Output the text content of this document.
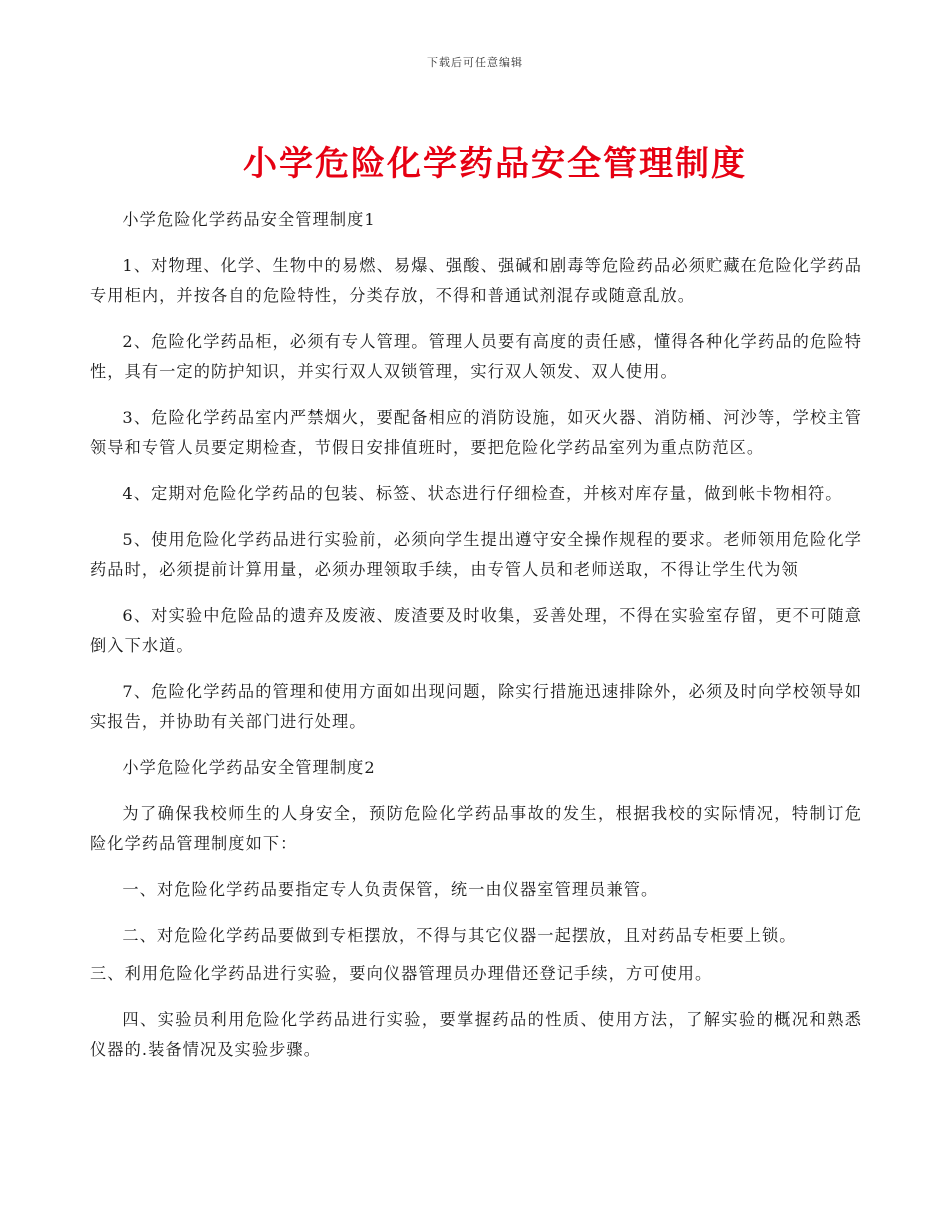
下载后可任意编辑
小学危险化学药品安全管理制度

小学危险化学药品安全管理制度1

1、对物理、化学、生物中的易燃、易爆、强酸、强碱和剧毒等危险药品必须贮藏在危险化学药品专用柜内，并按各自的危险特性，分类存放，不得和普通试剂混存或随意乱放。

2、危险化学药品柜，必须有专人管理。管理人员要有高度的责任感，懂得各种化学药品的危险特性，具有一定的防护知识，并实行双人双锁管理，实行双人领发、双人使用。

3、危险化学药品室内严禁烟火，要配备相应的消防设施，如灭火器、消防桶、河沙等，学校主管领导和专管人员要定期检查，节假日安排值班时，要把危险化学药品室列为重点防范区。

4、定期对危险化学药品的包装、标签、状态进行仔细检查，并核对库存量，做到帐卡物相符。

5、使用危险化学药品进行实验前，必须向学生提出遵守安全操作规程的要求。老师领用危险化学药品时，必须提前计算用量，必须办理领取手续，由专管人员和老师送取，不得让学生代为领

6、对实验中危险品的遗弃及废液、废渣要及时收集，妥善处理，不得在实验室存留，更不可随意倒入下水道。

7、危险化学药品的管理和使用方面如出现问题，除实行措施迅速排除外，必须及时向学校领导如实报告，并协助有关部门进行处理。

小学危险化学药品安全管理制度2

为了确保我校师生的人身安全，预防危险化学药品事故的发生，根据我校的实际情况，特制订危险化学药品管理制度如下：

一、对危险化学药品要指定专人负责保管，统一由仪器室管理员兼管。

二、对危险化学药品要做到专柜摆放，不得与其它仪器一起摆放，且对药品专柜要上锁。

三、利用危险化学药品进行实验，要向仪器管理员办理借还登记手续，方可使用。

四、实验员利用危险化学药品进行实验，要掌握药品的性质、使用方法，了解实验的概况和熟悉仪器的.装备情况及实验步骤。
